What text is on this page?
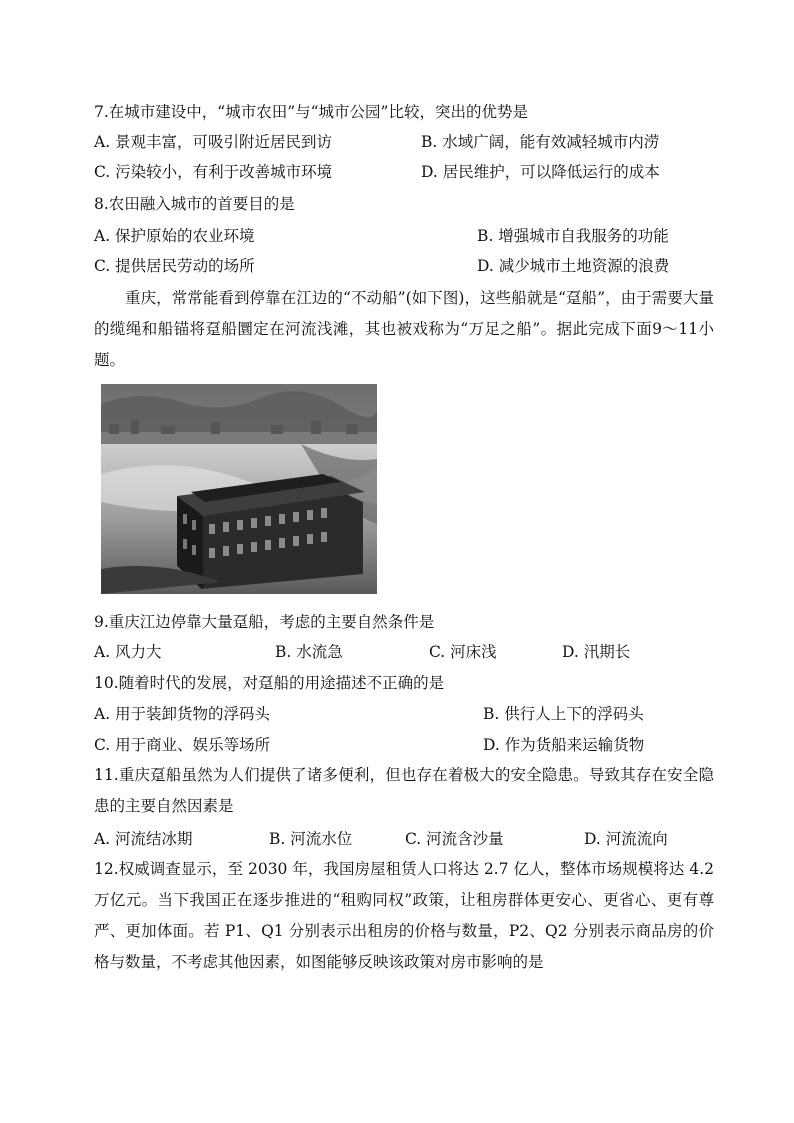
7.在城市建设中，“城市农田”与“城市公园”比较，突出的优势是
A. 景观丰富，可吸引附近居民到访	B. 水域广阔，能有效减轻城市内涝
C. 污染较小，有利于改善城市环境	D. 居民维护，可以降低运行的成本
8.农田融入城市的首要目的是
A. 保护原始的农业环境	B. 增强城市自我服务的功能
C. 提供居民劳动的场所	D. 减少城市土地资源的浪费
重庆，常常能看到停靠在江边的“不动船”(如下图)，这些船就是“趸船”，由于需要大量的缆绳和船锚将趸船圜定在河流浅滩，其也被戏称为“万足之船”。据此完成下面9～11小题。
9.重庆江边停靠大量趸船，考虑的主要自然条件是
A. 风力大	B. 水流急	C. 河床浅	D. 汛期长
10.随着时代的发展，对趸船的用途描述不正确的是
A. 用于装卸货物的浮码头	B. 供行人上下的浮码头
C. 用于商业、娱乐等场所	D. 作为货船来运输货物
11.重庆趸船虽然为人们提供了诸多便利，但也存在着极大的安全隐患。导致其存在安全隐患的主要自然因素是
A. 河流结冰期	B. 河流水位	C. 河流含沙量	D. 河流流向
12.权威调查显示，至 2030 年，我国房屋租赁人口将达 2.7 亿人，整体市场规模将达 4.2 万亿元。当下我国正在逐步推进的“租购同权”政策，让租房群体更安心、更省心、更有尊严、更加体面。若 P1、Q1 分别表示出租房的价格与数量，P2、Q2 分别表示商品房的价格与数量，不考虑其他因素，如图能够反映该政策对房市影响的是
